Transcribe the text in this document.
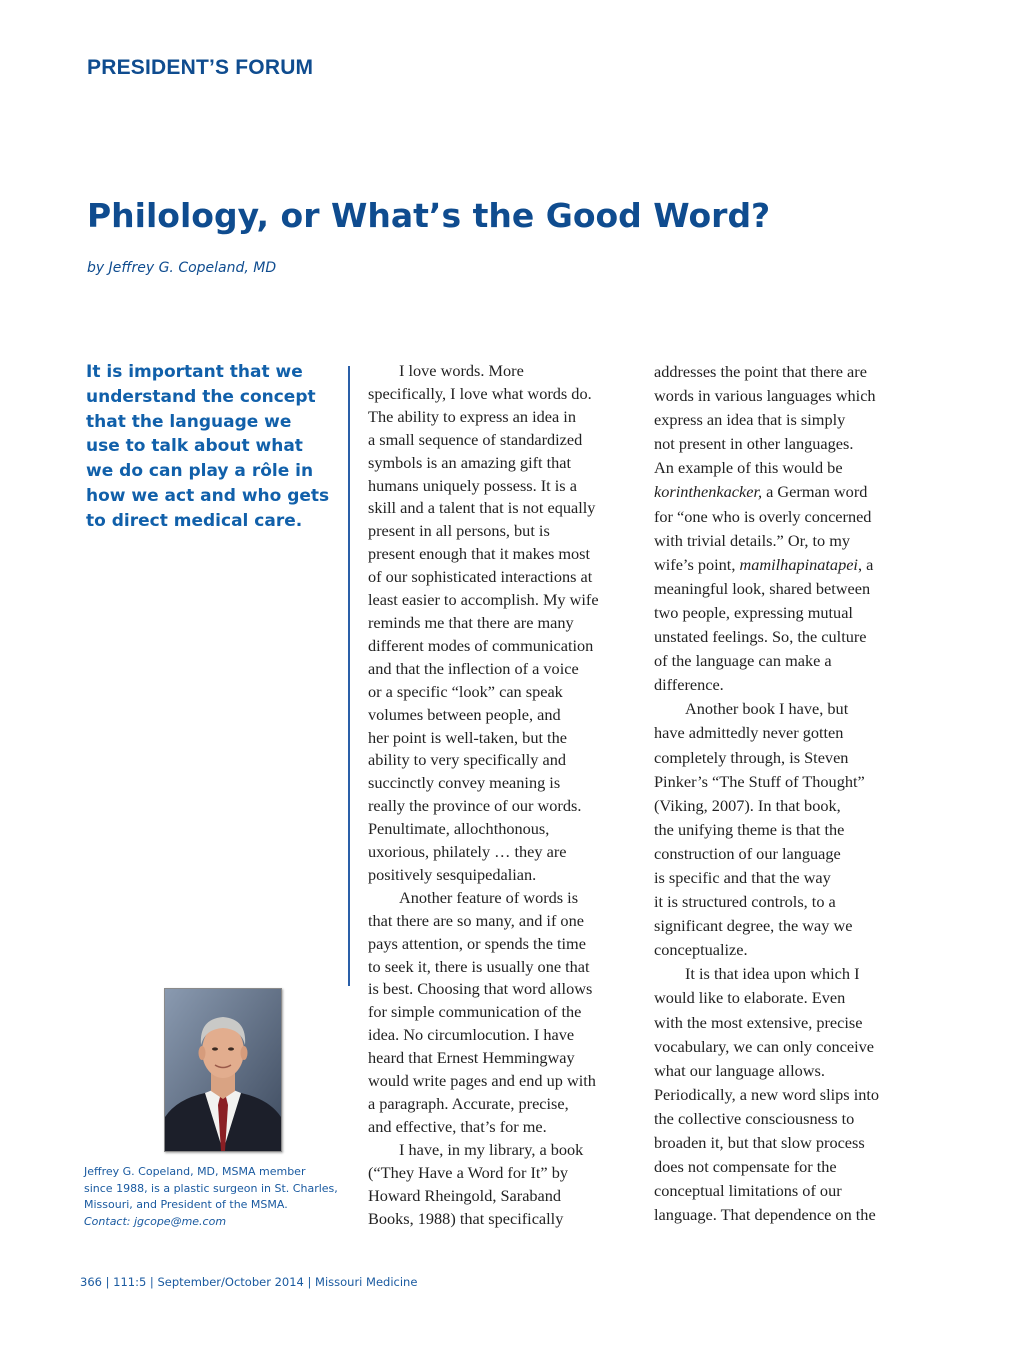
PRESIDENT’S FORUM
Philology, or What’s the Good Word?
by Jeffrey G. Copeland, MD

It is important that we understand the concept that the language we use to talk about what we do can play a rôle in how we act and who gets to direct medical care.

I love words. More
specifically, I love what words do.
The ability to express an idea in
a small sequence of standardized
symbols is an amazing gift that
humans uniquely possess. It is a
skill and a talent that is not equally
present in all persons, but is
present enough that it makes most
of our sophisticated interactions at
least easier to accomplish. My wife
reminds me that there are many
different modes of communication
and that the inflection of a voice
or a specific “look” can speak
volumes between people, and
her point is well-taken, but the
ability to very specifically and
succinctly convey meaning is
really the province of our words.
Penultimate, allochthonous,
uxorious, philately … they are
positively sesquipedalian.

Another feature of words is
that there are so many, and if one
pays attention, or spends the time
to seek it, there is usually one that
is best. Choosing that word allows
for simple communication of the
idea. No circumlocution. I have
heard that Ernest Hemmingway
would write pages and end up with
a paragraph. Accurate, precise,
and effective, that’s for me.

I have, in my library, a book
(“They Have a Word for It” by
Howard Rheingold, Saraband
Books, 1988) that specifically

addresses the point that there are
words in various languages which
express an idea that is simply
not present in other languages.
An example of this would be
korinthenkacker, a German word
for “one who is overly concerned
with trivial details.” Or, to my
wife’s point, mamilhapinatapei, a
meaningful look, shared between
two people, expressing mutual
unstated feelings. So, the culture
of the language can make a
difference.

Another book I have, but
have admittedly never gotten
completely through, is Steven
Pinker’s “The Stuff of Thought”
(Viking, 2007). In that book,
the unifying theme is that the
construction of our language
is specific and that the way
it is structured controls, to a
significant degree, the way we
conceptualize.

It is that idea upon which I
would like to elaborate. Even
with the most extensive, precise
vocabulary, we can only conceive
what our language allows.
Periodically, a new word slips into
the collective consciousness to
broaden it, but that slow process
does not compensate for the
conceptual limitations of our
language. That dependence on the

Jeffrey G. Copeland, MD, MSMA member
since 1988, is a plastic surgeon in St. Charles,
Missouri, and President of the MSMA.
Contact: jgcope@me.com
366 | 111:5 | September/October 2014 | Missouri Medicine
